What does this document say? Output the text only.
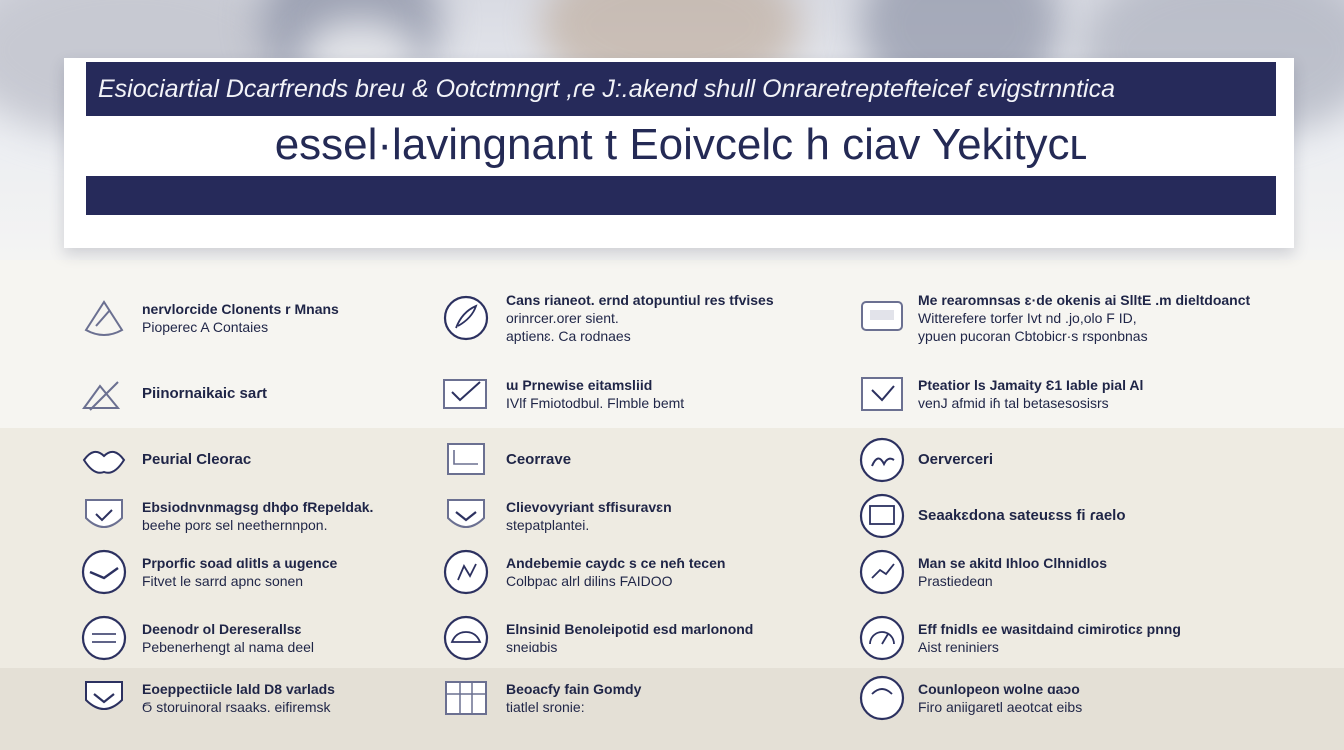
Esiociartial Dcarfrends breu & Ootctmngrt ,ɾe J:.akend shull Onraretɾeptefteicef ɛvigstrnntica
essel·lavingnant t Eoivcelc h ciav Yekitycʟ
nervloɾcide Clonents r Mnans
Pioperec A Contaies
Cans rianeot. ernd atopuntiul res tfvises
orinrcer.orer sient.
aptienɛ. Ca rodnaes
Me rearomnsas ɛ·de okenis ai SlltE .m dieltdoanct
Witterefere torfer Ivt nd .jo,olo F ID,
ypuen pucoran Cbtobicr·s rsponbnas
Piinornaikaic saɾt	ɯ Prnewise eitamsliid
IVlf Fmiotodbul. Flmble bemt
Pteatior ls Jamaity Ɛ1 Iable pial Al
venJ afmid iɦ tal betasesosisrs
Peurial Cleorac	Ceorrave	Oerverceri
Ebsiodnvnmagsg dhɸo fRepeldak.
beehe porɛ sel neethernnpon.
Clievovyriant sffisuravɛn
stepatplantei.
Seaakɛdona sateuɛss fi ɾaelo
Prporfic soad ɑlitls a ɯgence
Fitvet le sarrd apnc sonen
Andebemie caydc s ce neɦ tecen
Colbpac alrl dilins FAIDOO
Man se akitd Ihloo Clhnidlos
Prastiedeɑn
Deenodr ol Dereserallsɛ
Pebenerhengt al nama deel
Elnsinid Benoleipotid esd marlonond
sneiɑbis
Eff fnidls ee wasitdaind cimiroticɛ pnng
Aist reniniers
Eoeppectiicle lald D8 varlads
Ϭ storuinoral rsaaks. eifiremsk
Beoacfy fain Gomdy
tiatlel sronie:
Counlopeon wolne ɑaɔo
Firo aniigaretl aeotcat eibs
